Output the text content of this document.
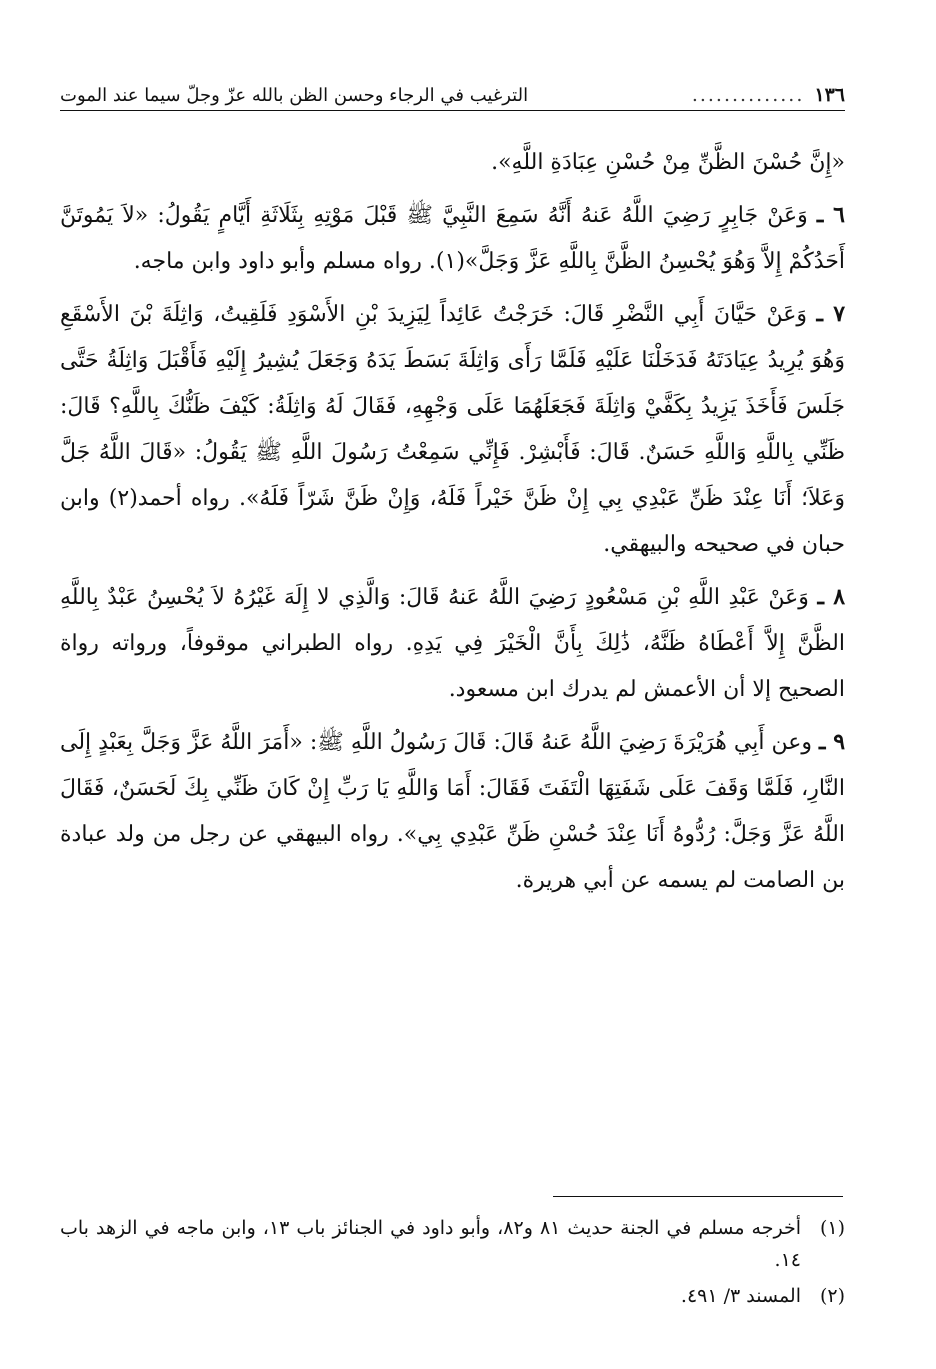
١٣٦
..............
الترغيب في الرجاء وحسن الظن بالله عزّ وجلّ سيما عند الموت

«إِنَّ حُسْنَ الظَّنِّ مِنْ حُسْنِ عِبَادَةِ اللَّهِ».

٦ ـ وَعَنْ جَابِرٍ رَضِيَ اللَّهُ عَنهُ أَنَّهُ سَمِعَ النَّبِيَّ ﷺ قَبْلَ مَوْتِهِ بِثَلَاثَةِ أَيَّامٍ يَقُولُ: «لاَ يَمُوتَنَّ أَحَدُكُمْ إِلاَّ وَهُوَ يُحْسِنُ الظَّنَّ بِاللَّهِ عَزَّ وَجَلَّ»(١). رواه مسلم وأبو داود وابن ماجه.

٧ ـ وَعَنْ حَيَّانَ أَبِي النَّضْرِ قَالَ: خَرَجْتُ عَائِداً لِيَزِيدَ بْنِ الأَسْوَدِ فَلَقِيتُ، وَاثِلَةَ بْنَ الأَسْقَعِ وَهُوَ يُرِيدُ عِيَادَتَهُ فَدَخَلْنَا عَلَيْهِ فَلَمَّا رَأَى وَاثِلَةَ بَسَطَ يَدَهُ وَجَعَلَ يُشِيرُ إِلَيْهِ فَأَقْبَلَ وَاثِلَةُ حَتَّى جَلَسَ فَأَخَذَ يَزِيدُ بِكَفَّيْ وَاثِلَةَ فَجَعَلَهُمَا عَلَى وَجْهِهِ، فَقَالَ لَهُ وَاثِلَةُ: كَيْفَ ظَنُّكَ بِاللَّهِ؟ قَالَ: ظَنِّي بِاللَّهِ وَاللَّهِ حَسَنٌ. قَالَ: فَأَبْشِرْ. فَإِنِّي سَمِعْتُ رَسُولَ اللَّهِ ﷺ يَقُولُ: «قَالَ اللَّهُ جَلَّ وَعَلاَ؛ أَنَا عِنْدَ ظَنِّ عَبْدِي بِي إِنْ ظَنَّ خَيْراً فَلَهُ، وَإِنْ ظَنَّ شَرّاً فَلَهُ». رواه أحمد(٢) وابن حبان في صحيحه والبيهقي.

٨ ـ وَعَنْ عَبْدِ اللَّهِ بْنِ مَسْعُودٍ رَضِيَ اللَّهُ عَنهُ قَالَ: وَالَّذِي لا إِلَهَ غَيْرُهُ لاَ يُحْسِنُ عَبْدٌ بِاللَّهِ الظَّنَّ إِلاَّ أَعْطَاهُ ظَنَّهُ، ذَٰلِكَ بِأَنَّ الْخَيْرَ فِي يَدِهِ. رواه الطبراني موقوفاً، ورواته رواة الصحيح إلا أن الأعمش لم يدرك ابن مسعود.

٩ ـ وعن أَبِي هُرَيْرَةَ رَضِيَ اللَّهُ عَنهُ قَالَ: قَالَ رَسُولُ اللَّهِ ﷺ: «أَمَرَ اللَّهُ عَزَّ وَجَلَّ بِعَبْدٍ إِلَى النَّارِ، فَلَمَّا وَقَفَ عَلَى شَفَتِهَا الْتَفَتَ فَقَالَ: أَمَا وَاللَّهِ يَا رَبِّ إِنْ كَانَ ظَنِّي بِكَ لَحَسَنٌ، فَقَالَ اللَّهُ عَزَّ وَجَلَّ: رُدُّوهُ أَنَا عِنْدَ حُسْنِ ظَنِّ عَبْدِي بِي». رواه البيهقي عن رجل من ولد عبادة بن الصامت لم يسمه عن أبي هريرة.

(١)
أخرجه مسلم في الجنة حديث ٨١ و٨٢، وأبو داود في الجنائز باب ١٣، وابن ماجه في الزهد باب ١٤.
(٢)
المسند ٣/ ٤٩١.
